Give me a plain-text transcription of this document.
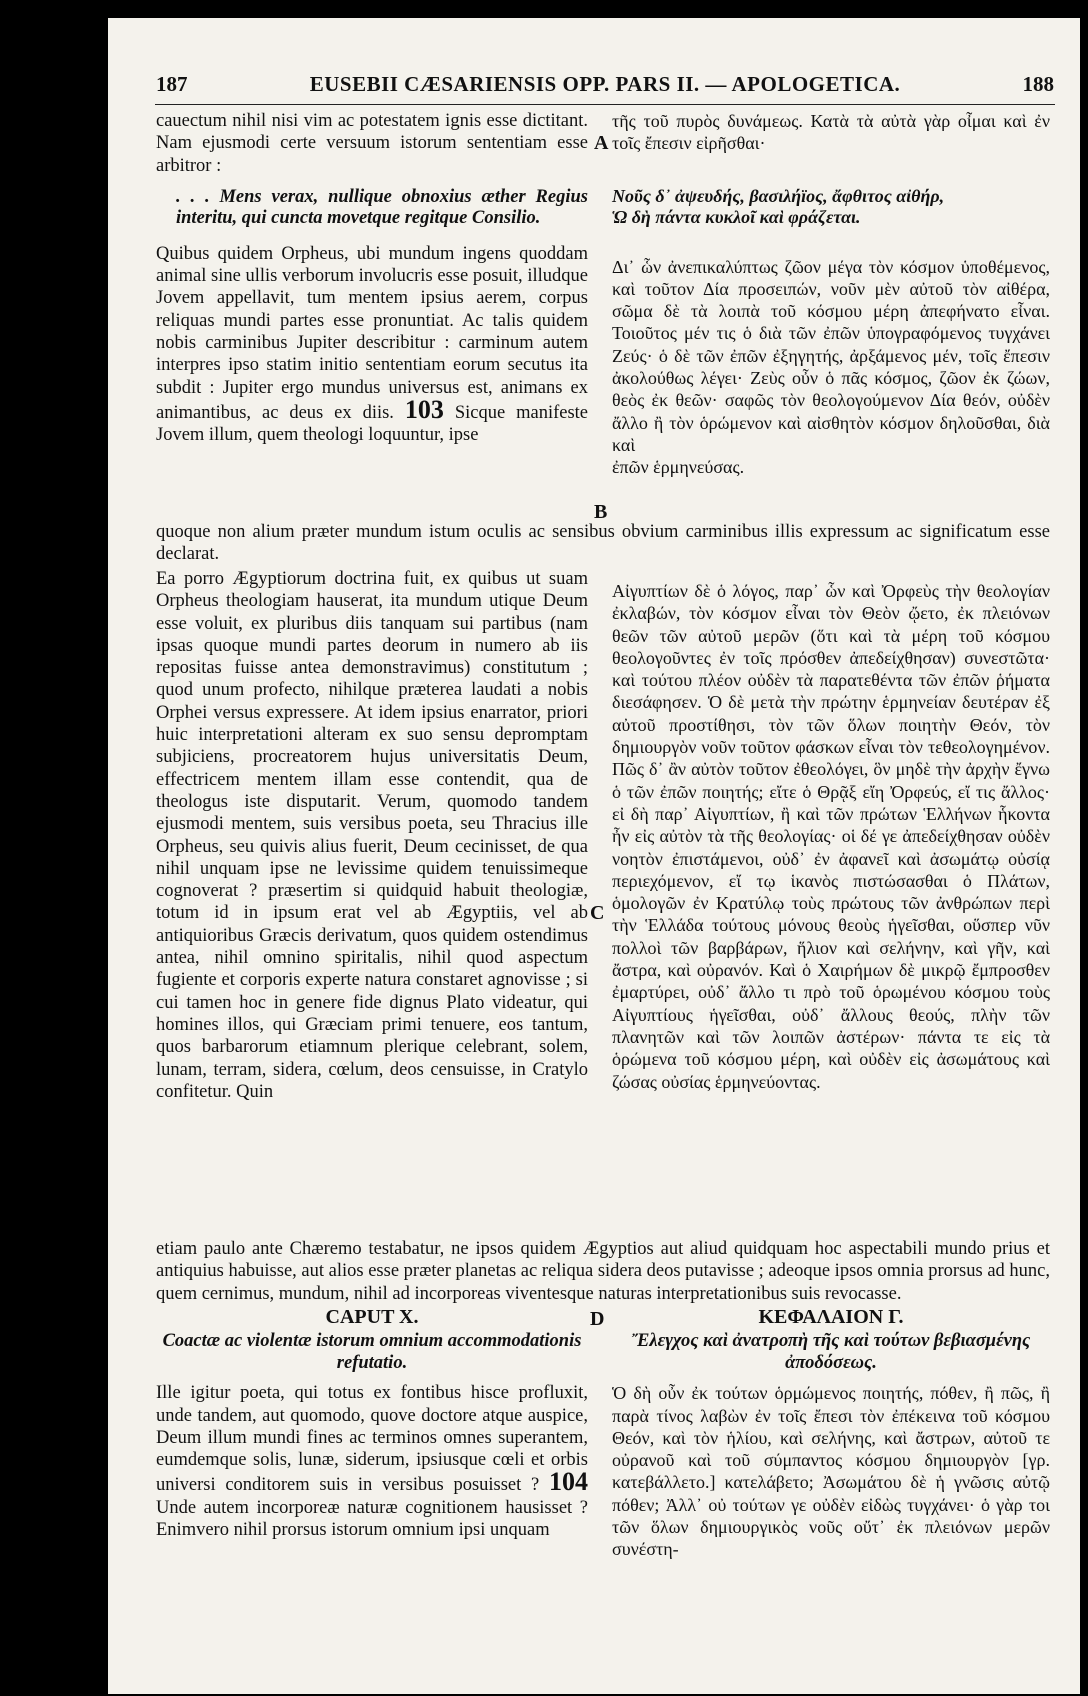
187	EUSEBII CÆSARIENSIS OPP. PARS II. — APOLOGETICA.	188

cauectum nihil nisi vim ac potestatem ignis esse dictitant. Nam ejusmodi certe versuum istorum sententiam esse arbitror :

. . . Mens verax, nullique obnoxius æther Regius interitu, qui cuncta movetque regitque Consilio.

Quibus quidem Orpheus, ubi mundum ingens quoddam animal sine ullis verborum involucris esse posuit, illudque Jovem appellavit, tum mentem ipsius aerem, corpus reliquas mundi partes esse pronuntiat. Ac talis quidem nobis carminibus Jupiter describitur : carminum autem interpres ipso statim initio sententiam eorum secutus ita subdit : Jupiter ergo mundus universus est, animans ex animantibus, ac deus ex diis. 103 Sicque manifeste Jovem illum, quem theologi loquuntur, ipse

τῆς τοῦ πυρὸς δυνάμεως. Κατὰ τὰ αὐτὰ γὰρ οἶμαι καὶ ἐν τοῖς ἔπεσιν εἰρῆσθαι·

Νοῦς δ᾽ ἀψευδής, βασιλήϊος, ἄφθιτος αἰθήρ,

Ὡ δὴ πάντα κυκλοῖ καὶ φράζεται.

Δι᾽ ὧν ἀνεπικαλύπτως ζῶον μέγα τὸν κόσμον ὑποθέμενος, καὶ τοῦτον Δία προσειπών, νοῦν μὲν αὐτοῦ τὸν αἰθέρα, σῶμα δὲ τὰ λοιπὰ τοῦ κόσμου μέρη ἀπεφήνατο εἶναι. Τοιοῦτος μέν τις ὁ διὰ τῶν ἐπῶν ὑπογραφόμενος τυγχάνει Ζεύς· ὁ δὲ τῶν ἐπῶν ἐξηγητής, ἀρξάμενος μέν, τοῖς ἔπεσιν ἀκολούθως λέγει· Ζεὺς οὖν ὁ πᾶς κόσμος, ζῶον ἐκ ζώων, θεὸς ἐκ θεῶν· σαφῶς τὸν θεολογούμενον Δία θεόν, οὐδὲν ἄλλο ἢ τὸν ὁρώμενον καὶ αἰσθητὸν κόσμον δηλοῦσθαι, διὰ καὶ

ἐπῶν ἑρμηνεύσας.

A
B

quoque non alium præter mundum istum oculis ac sensibus obvium carminibus illis expressum ac significatum esse declarat.

Ea porro Ægyptiorum doctrina fuit, ex quibus ut suam Orpheus theologiam hauserat, ita mundum utique Deum esse voluit, ex pluribus diis tanquam sui partibus (nam ipsas quoque mundi partes deorum in numero ab iis repositas fuisse antea demonstravimus) constitutum ; quod unum profecto, nihilque præterea laudati a nobis Orphei versus expressere. At idem ipsius enarrator, priori huic interpretationi alteram ex suo sensu depromptam subjiciens, procreatorem hujus universitatis Deum, effectricem mentem illam esse contendit, qua de theologus iste disputarit. Verum, quomodo tandem ejusmodi mentem, suis versibus poeta, seu Thracius ille Orpheus, seu quivis alius fuerit, Deum cecinisset, de qua nihil unquam ipse ne levissime quidem tenuissimeque cognoverat ? præsertim si quidquid habuit theologiæ, totum id in ipsum erat vel ab Ægyptiis, vel ab antiquioribus Græcis derivatum, quos quidem ostendimus antea, nihil omnino spiritalis, nihil quod aspectum fugiente et corporis experte natura constaret agnovisse ; si cui tamen hoc in genere fide dignus Plato videatur, qui homines illos, qui Græciam primi tenuere, eos tantum, quos barbarorum etiamnum plerique celebrant, solem, lunam, terram, sidera, cœlum, deos censuisse, in Cratylo confitetur. Quin

Αἰγυπτίων δὲ ὁ λόγος, παρ᾽ ὧν καὶ Ὀρφεὺς τὴν θεολογίαν ἐκλαβών, τὸν κόσμον εἶναι τὸν Θεὸν ᾤετο, ἐκ πλειόνων θεῶν τῶν αὐτοῦ μερῶν (ὅτι καὶ τὰ μέρη τοῦ κόσμου θεολογοῦντες ἐν τοῖς πρόσθεν ἀπεδείχθησαν) συνεστῶτα· καὶ τούτου πλέον οὐδὲν τὰ παρατεθέντα τῶν ἐπῶν ῥήματα διεσάφησεν. Ὁ δὲ μετὰ τὴν πρώτην ἑρμηνείαν δευτέραν ἐξ αὐτοῦ προστίθησι, τὸν τῶν ὅλων ποιητὴν Θεόν, τὸν δημιουργὸν νοῦν τοῦτον φάσκων εἶναι τὸν τεθεολογημένον. Πῶς δ᾽ ἂν αὐτὸν τοῦτον ἐθεολόγει, ὃν μηδὲ τὴν ἀρχὴν ἔγνω ὁ τῶν ἐπῶν ποιητής; εἴτε ὁ Θρᾷξ εἴη Ὀρφεύς, εἴ τις ἄλλος· εἰ δὴ παρ᾽ Αἰγυπτίων, ἢ καὶ τῶν πρώτων Ἑλλήνων ἧκοντα ἦν εἰς αὐτὸν τὰ τῆς θεολογίας· οἱ δέ γε ἀπεδείχθησαν οὐδὲν νοητὸν ἐπιστάμενοι, οὐδ᾽ ἐν ἀφανεῖ καὶ ἀσωμάτῳ οὐσίᾳ περιεχόμενον, εἴ τῳ ἱκανὸς πιστώσασθαι ὁ Πλάτων, ὁμολογῶν ἐν Κρατύλῳ τοὺς πρώτους τῶν ἀνθρώπων περὶ τὴν Ἑλλάδα τούτους μόνους θεοὺς ἡγεῖσθαι, οὕσπερ νῦν πολλοὶ τῶν βαρβάρων, ἥλιον καὶ σελήνην, καὶ γῆν, καὶ ἄστρα, καὶ οὐρανόν. Καὶ ὁ Χαιρήμων δὲ μικρῷ ἔμπροσθεν ἐμαρτύρει, οὐδ᾽ ἄλλο τι πρὸ τοῦ ὁρωμένου κόσμου τοὺς Αἰγυπτίους ἡγεῖσθαι, οὐδ᾽ ἄλλους θεούς, πλὴν τῶν πλανητῶν καὶ τῶν λοιπῶν ἀστέρων· πάντα τε εἰς τὰ ὁρώμενα τοῦ κόσμου μέρη, καὶ οὐδὲν εἰς ἀσωμάτους καὶ ζώσας οὐσίας ἑρμηνεύοντας.

C

etiam paulo ante Chæremo testabatur, ne ipsos quidem Ægyptios aut aliud quidquam hoc aspectabili mundo prius et antiquius habuisse, aut alios esse præter planetas ac reliqua sidera deos putavisse ; adeoque ipsos omnia prorsus ad hunc, quem cernimus, mundum, nihil ad incorporeas viventesque naturas interpretationibus suis revocasse.

CAPUT X.
Coactæ ac violentæ istorum omnium accommodationis refutatio.

Ille igitur poeta, qui totus ex fontibus hisce profluxit, unde tandem, aut quomodo, quove doctore atque auspice, Deum illum mundi fines ac terminos omnes superantem, eumdemque solis, lunæ, siderum, ipsiusque cœli et orbis universi conditorem suis in versibus posuisset ? 104 Unde autem incorporeæ naturæ cognitionem hausisset ? Enimvero nihil prorsus istorum omnium ipsi unquam

D	ΚΕΦΑΛΑΙΟΝ Γ.
Ἔλεγχος καὶ ἀνατροπὴ τῆς καὶ τούτων βεβιασμένης ἀποδόσεως.

Ὁ δὴ οὖν ἐκ τούτων ὁρμώμενος ποιητής, πόθεν, ἢ πῶς, ἢ παρὰ τίνος λαβὼν ἐν τοῖς ἔπεσι τὸν ἐπέκεινα τοῦ κόσμου Θεόν, καὶ τὸν ἡλίου, καὶ σελήνης, καὶ ἄστρων, αὐτοῦ τε οὐρανοῦ καὶ τοῦ σύμπαντος κόσμου δημιουργὸν [γρ. κατεβάλλετο.] κατελάβετο; Ἀσωμάτου δὲ ἡ γνῶσις αὐτῷ πόθεν; Ἀλλ᾽ οὐ τούτων γε οὐδὲν εἰδὼς τυγχάνει· ὁ γὰρ τοι τῶν ὅλων δημιουργικὸς νοῦς οὔτ᾽ ἐκ πλειόνων μερῶν συνέστη-
